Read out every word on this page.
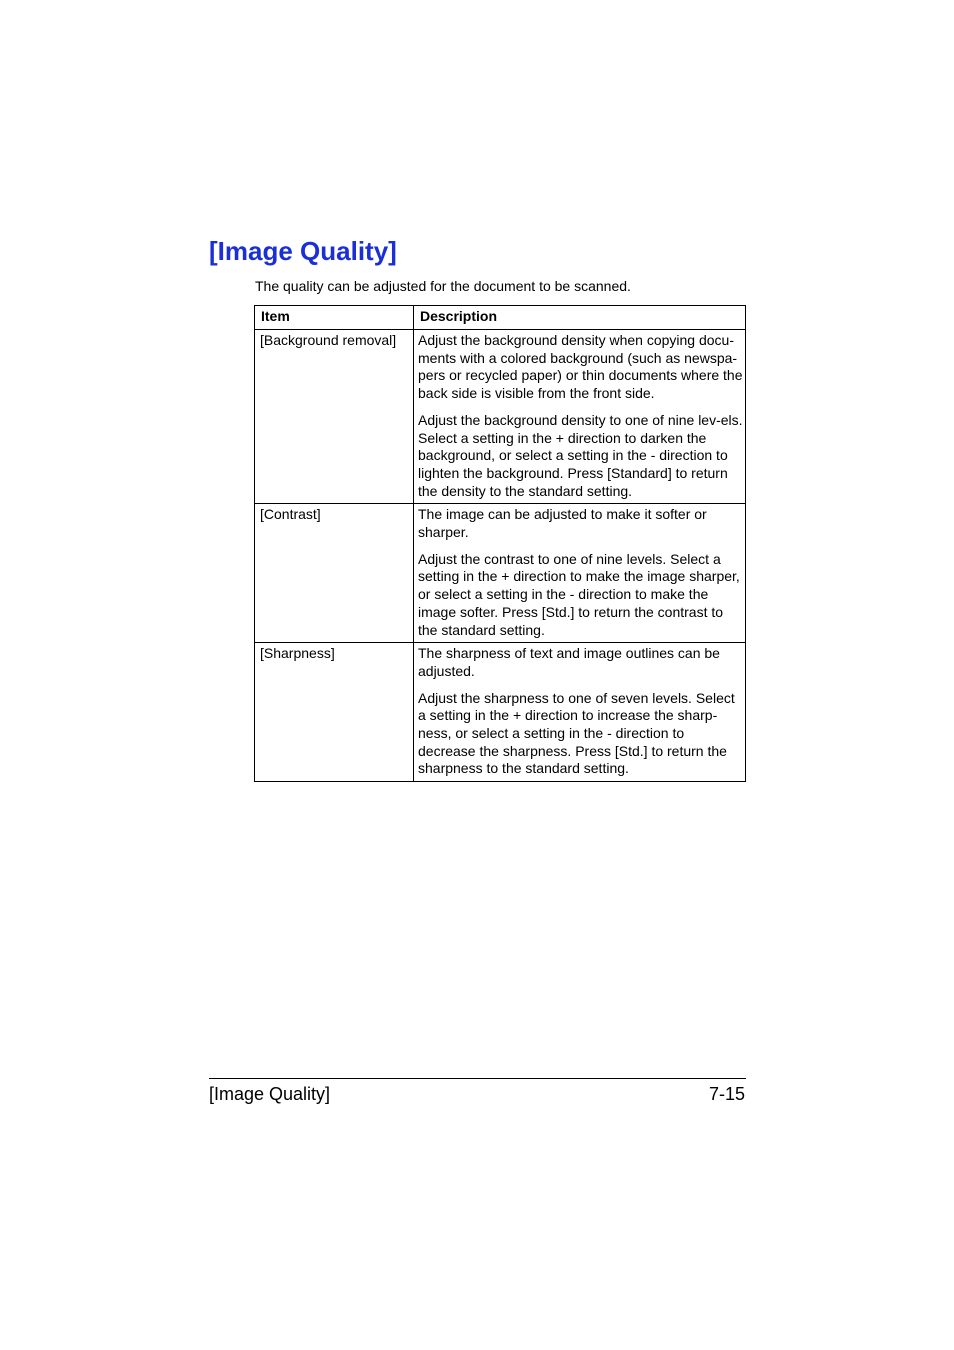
[Image Quality]

The quality can be adjusted for the document to be scanned.

Item	Description
[Background removal]	Adjust the background density when copying docu-ments with a colored background (such as newspa-pers or recycled paper) or thin documents where the back side is visible from the front side.

Adjust the background density to one of nine lev-els. Select a setting in the + direction to darken the background, or select a setting in the - direction to lighten the background. Press [Standard] to return the density to the standard setting.

[Contrast]	The image can be adjusted to make it softer or sharper.

Adjust the contrast to one of nine levels. Select a setting in the + direction to make the image sharper, or select a setting in the - direction to make the image softer. Press [Std.] to return the contrast to the standard setting.

[Sharpness]	The sharpness of text and image outlines can be adjusted.

Adjust the sharpness to one of seven levels. Select a setting in the + direction to increase the sharp-ness, or select a setting in the - direction to decrease the sharpness. Press [Std.] to return the sharpness to the standard setting.

[Image Quality]	7-15
